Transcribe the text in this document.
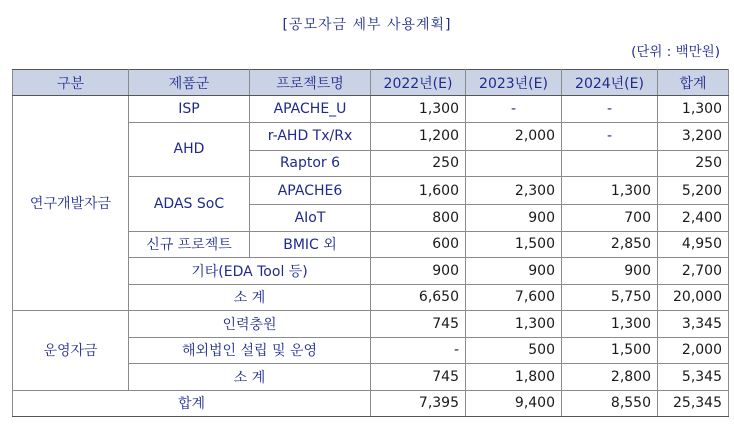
[공모자금 세부 사용계획]
(단위 : 백만원)
구분	제품군	프로젝트명	2022년(E)	2023년(E)	2024년(E)	합계
연구개발자금	ISP	APACHE_U	1,300	-	-	1,300
	AHD	r-AHD Tx/Rx	1,200	2,000	-	3,200
		Raptor 6	250			250
	ADAS SoC	APACHE6	1,600	2,300	1,300	5,200
		AIoT	800	900	700	2,400
	신규 프로젝트	BMIC 외	600	1,500	2,850	4,950
	기타(EDA Tool 등)		900	900	900	2,700
	소 계		6,650	7,600	5,750	20,000
운영자금	인력충원		745	1,300	1,300	3,345
	해외법인 설립 및 운영		-	500	1,500	2,000
	소 계		745	1,800	2,800	5,345
합계			7,395	9,400	8,550	25,345
